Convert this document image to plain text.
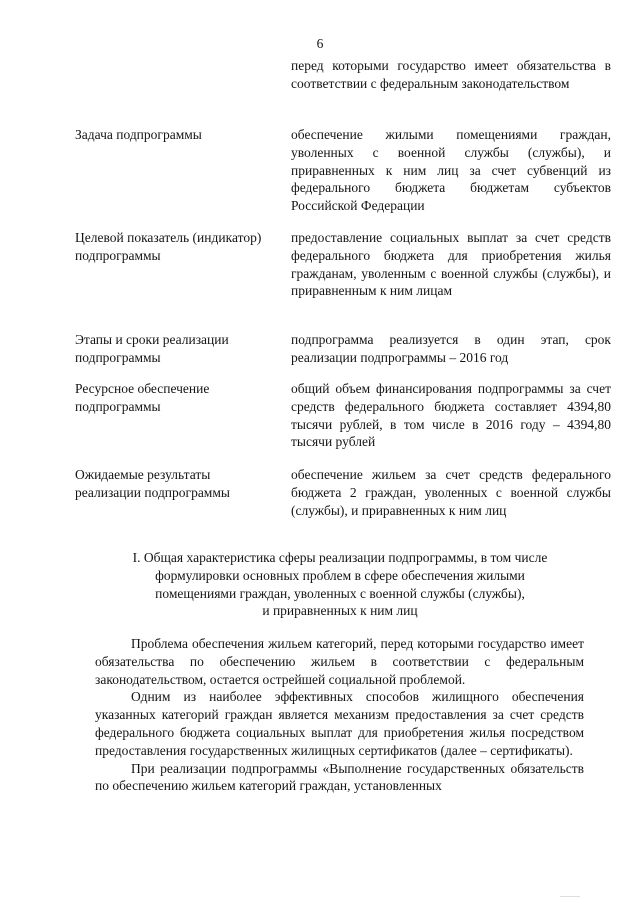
6
перед которыми государство имеет обязательства в соответствии с федеральным законодательством
Задача подпрограммы	обеспечение жилыми помещениями граждан, уволенных с военной службы (службы), и приравненных к ним лиц за счет субвенций из федерального бюджета бюджетам субъектов Российской Федерации
Целевой показатель (индикатор) подпрограммы
предоставление социальных выплат за счет средств федерального бюджета для приобретения жилья гражданам, уволенным с военной службы (службы), и приравненным к ним лицам
Этапы и сроки реализации подпрограммы
подпрограмма реализуется в один этап, срок реализации подпрограммы – 2016 год
Ресурсное обеспечение подпрограммы
общий объем финансирования подпрограммы за счет средств федерального бюджета составляет 4394,80 тысячи рублей, в том числе в 2016 году – 4394,80 тысячи рублей
Ожидаемые результаты реализации подпрограммы
обеспечение жильем за счет средств федерального бюджета 2 граждан, уволенных с военной службы (службы), и приравненных к ним лиц
I. Общая характеристика сферы реализации подпрограммы, в том числе
формулировки основных проблем в сфере обеспечения жилыми
помещениями граждан, уволенных с военной службы (службы),
и приравненных к ним лиц

Проблема обеспечения жильем категорий, перед которыми государство имеет обязательства по обеспечению жильем в соответствии с федеральным законодательством, остается острейшей социальной проблемой.

Одним из наиболее эффективных способов жилищного обеспечения указанных категорий граждан является механизм предоставления за счет средств федерального бюджета социальных выплат для приобретения жилья посредством предоставления государственных жилищных сертификатов (далее – сертификаты).

При реализации подпрограммы «Выполнение государственных обязательств по обеспечению жильем категорий граждан, установленных
